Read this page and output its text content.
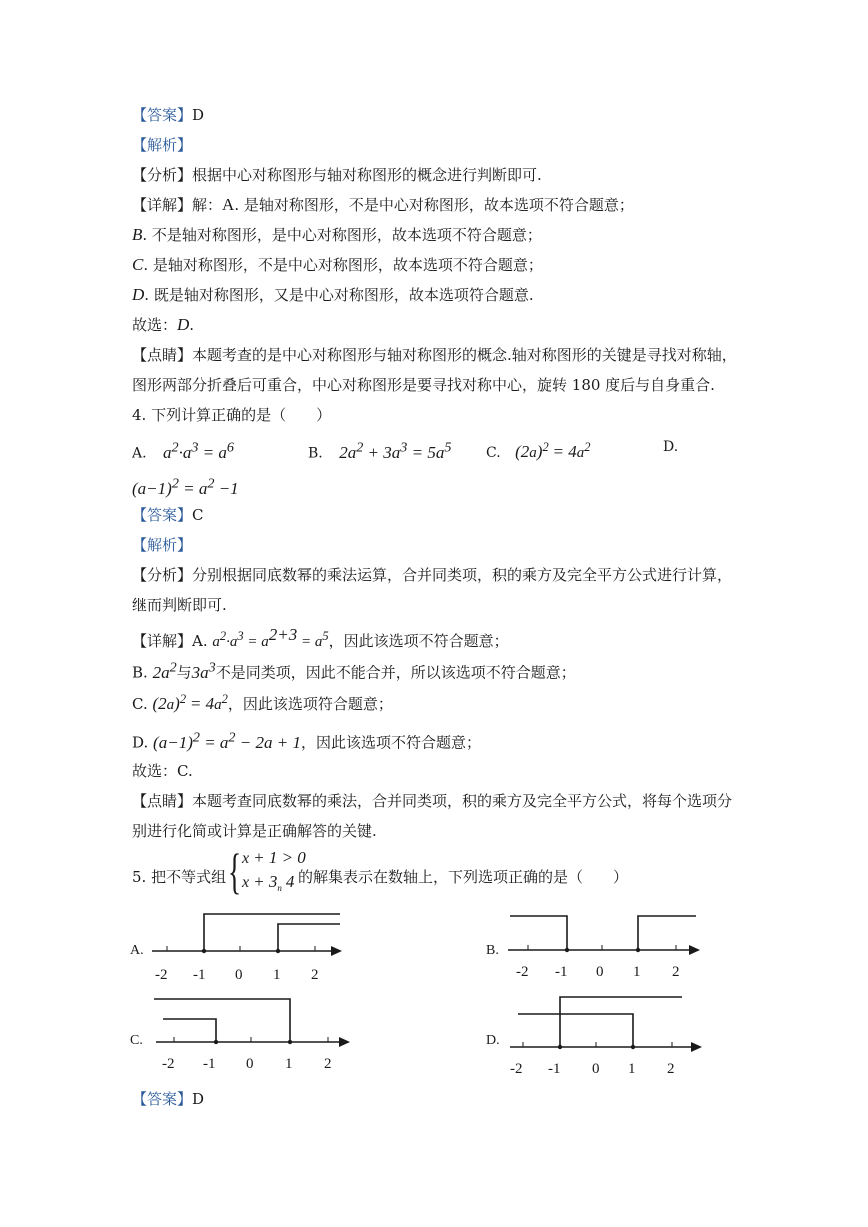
【答案】D
【解析】
【分析】根据中心对称图形与轴对称图形的概念进行判断即可.
【详解】解：A. 是轴对称图形，不是中心对称图形，故本选项不符合题意；
B. 不是轴对称图形，是中心对称图形，故本选项不符合题意；
C. 是轴对称图形，不是中心对称图形，故本选项不符合题意；
D. 既是轴对称图形，又是中心对称图形，故本选项符合题意.
故选：D.
【点睛】本题考查的是中心对称图形与轴对称图形的概念.轴对称图形的关键是寻找对称轴，
图形两部分折叠后可重合，中心对称图形是要寻找对称中心，旋转 180 度后与自身重合.
4. 下列计算正确的是（　　）
A. $a^2\cdot a^3 = a^6$	B. $2a^2 + 3a^3 = 5a^5$ C. $(2a)^2 = 4a^2$	D.
$(a-1)^2 = a^2 -1$
【答案】C
【解析】
【分析】分别根据同底数幂的乘法运算，合并同类项，积的乘方及完全平方公式进行计算，
继而判断即可.
【详解】A. $a^2\cdot a^3 = a^{2+3} = a^5$，因此该选项不符合题意；
B. $2a^2$与$3a^3$不是同类项，因此不能合并，所以该选项不符合题意；
C. $(2a)^2 = 4a^2$，因此该选项符合题意；
D. $(a-1)^2 = a^2 - 2a + 1$，因此该选项不符合题意；
故选：C.
【点睛】本题考查同底数幂的乘法，合并同类项，积的乘方及完全平方公式，将每个选项分
别进行化简或计算是正确解答的关键.
5. 把不等式组 { x + 1 > 0
$x + 3_n$ 4 的解集表示在数轴上，下列选项正确的是（　　）
A.
-2 -1 0 1 2
B.
-2 -1 0 1 2
C.
-2 -1 0 1 2
D.
-2 -1 0 1 2
【答案】D
